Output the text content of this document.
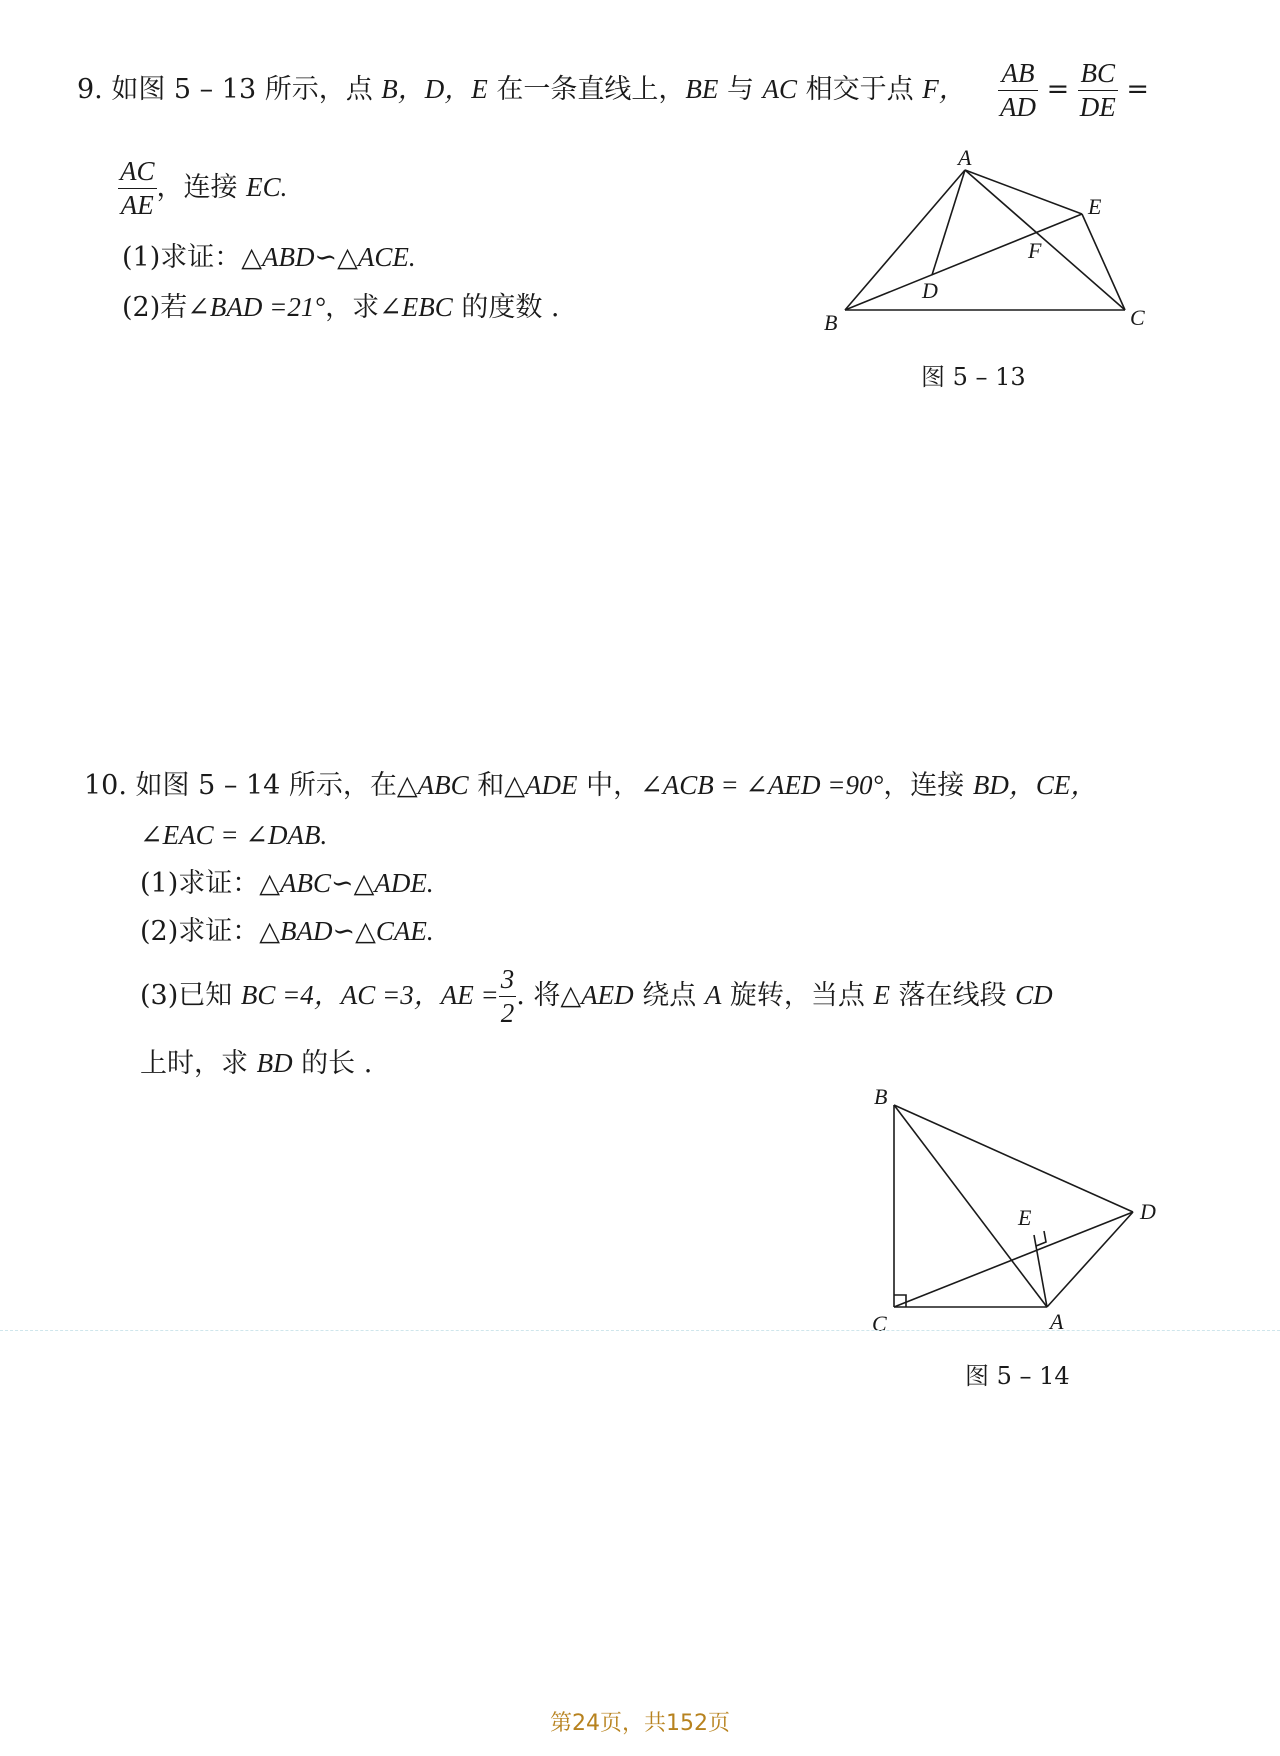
9. 如图 5 – 13 所示，点 B，D，E 在一条直线上，BE 与 AC 相交于点 F， $\frac{AB}{AD} = \frac{BC}{DE}$ =
$\frac{AC}{AE}$ ，连接 EC.
(1)求证：△ABD∽△ACE.
(2)若∠BAD =21°，求∠EBC 的度数 .
A
B	C
D
E
F
图 5 – 13
10. 如图 5 – 14 所示，在△ABC 和△ADE 中，∠ACB = ∠AED =90°，连接 BD，CE，
∠EAC = ∠DAB.
(1)求证：△ABC∽△ADE.
(2)求证：△BAD∽△CAE.
(3)已知 BC =4，AC =3，AE = $\frac{3}{2}$ . 将△AED 绕点 A 旋转，当点 E 落在线段 CD
上时，求 BD 的长 .
B
C	A
D
E
图 5 – 14
第24页，共152页
